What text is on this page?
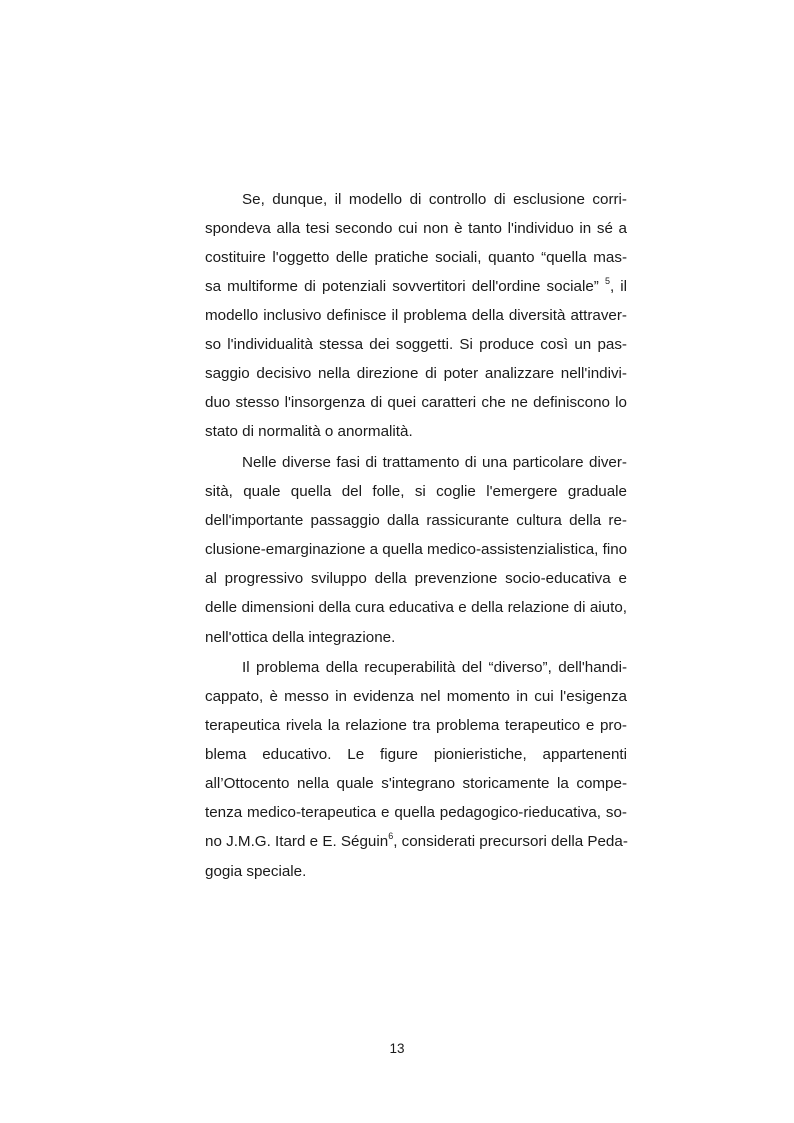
Se, dunque, il modello di controllo di esclusione corri-
spondeva alla tesi secondo cui non è tanto l'individuo in sé a
costituire l'oggetto delle pratiche sociali, quanto “quella mas-
sa multiforme di potenziali sovvertitori dell'ordine sociale” $^5$, il
modello inclusivo definisce il problema della diversità attraver-
so l'individualità stessa dei soggetti. Si produce così un pas-
saggio decisivo nella direzione di poter analizzare nell'indivi-
duo stesso l'insorgenza di quei caratteri che ne definiscono lo
stato di normalità o anormalità.
Nelle diverse fasi di trattamento di una particolare diver-
sità, quale quella del folle, si coglie l'emergere graduale
dell'importante passaggio dalla rassicurante cultura della re-
clusione-emarginazione a quella medico-assistenzialistica, fino
al progressivo sviluppo della prevenzione socio-educativa e
delle dimensioni della cura educativa e della relazione di aiuto,
nell'ottica della integrazione.
Il problema della recuperabilità del “diverso”, dell'handi-
cappato, è messo in evidenza nel momento in cui l'esigenza
terapeutica rivela la relazione tra problema terapeutico e pro-
blema educativo. Le figure pionieristiche, appartenenti
all’Ottocento nella quale s'integrano storicamente la compe-
tenza medico-terapeutica e quella pedagogico-rieducativa, so-
no J.M.G. Itard e E. Séguin$^6$, considerati precursori della Peda-
gogia speciale.
13
